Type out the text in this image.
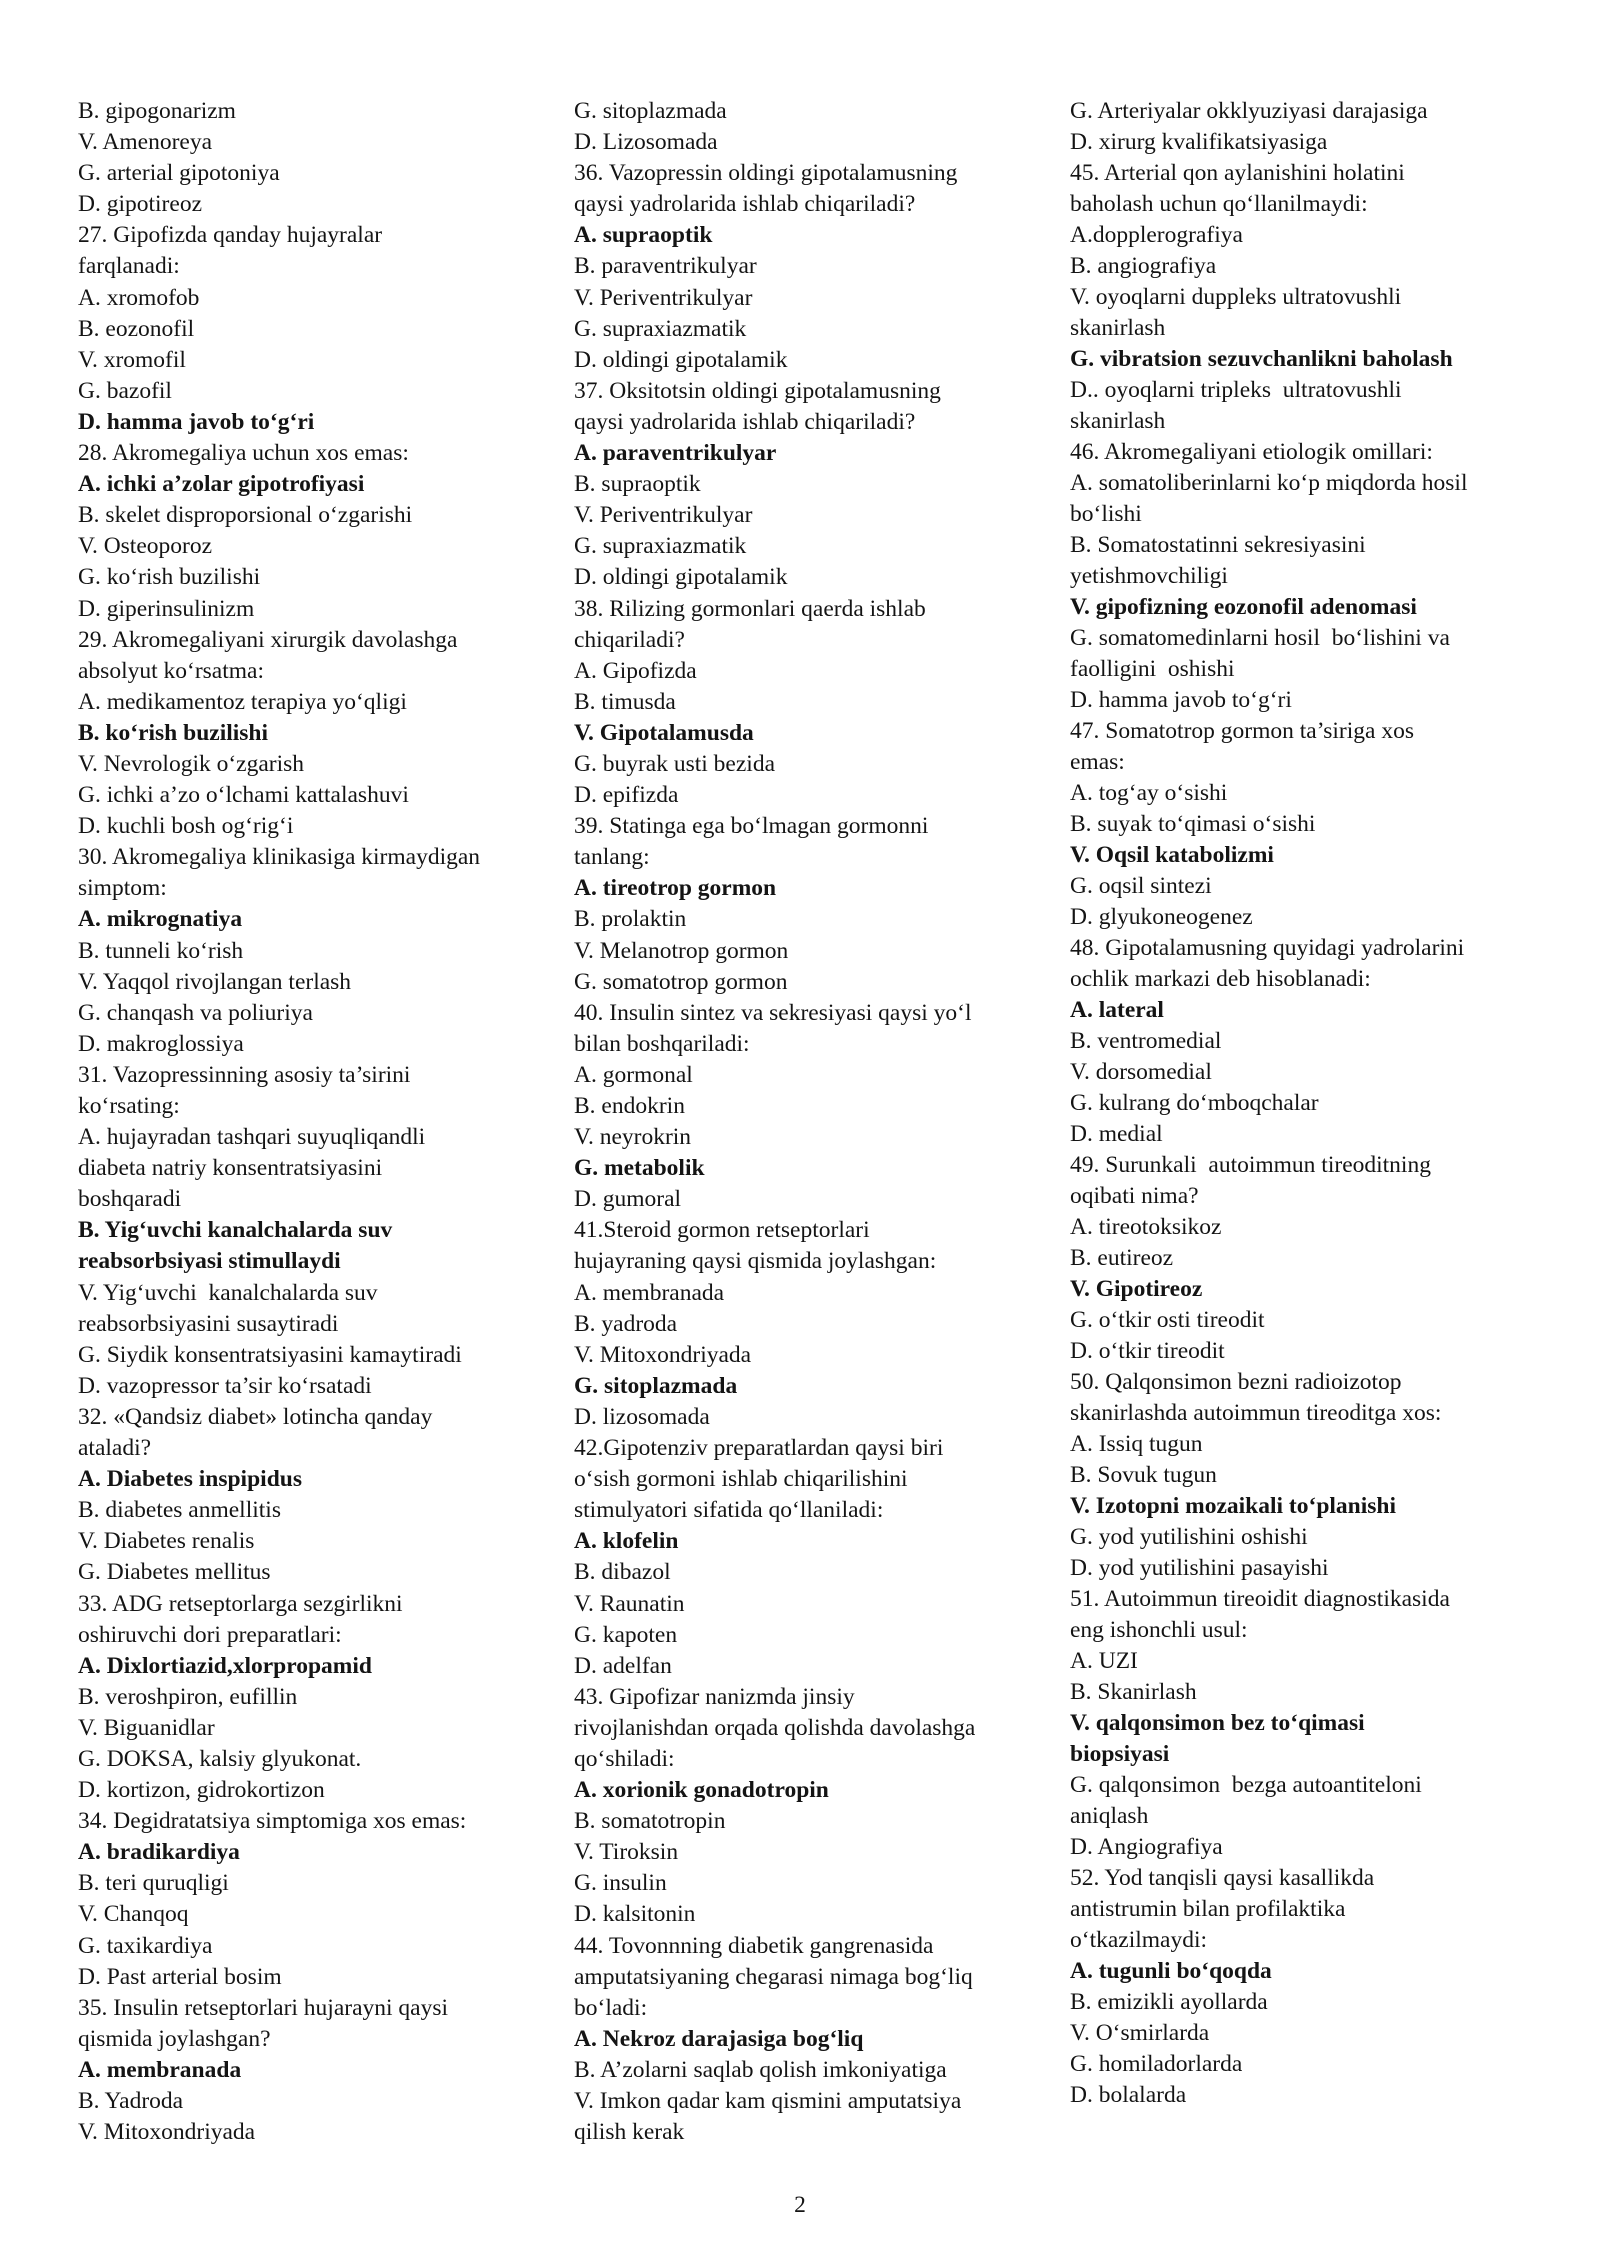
B. gipogonarizm
V. Amenoreya
G. arterial gipotoniya
D. gipotireoz
27. Gipofizda qanday hujayralar
farqlanadi:
A. xromofob
B. eozonofil
V. xromofil
G. bazofil
D. hamma javob to‘g‘ri
28. Akromegaliya uchun xos emas:
A. ichki a’zolar gipotrofiyasi
B. skelet disproporsional o‘zgarishi
V. Osteoporoz
G. ko‘rish buzilishi
D. giperinsulinizm
29. Akromegaliyani xirurgik davolashga
absolyut ko‘rsatma:
A. medikamentoz terapiya yo‘qligi
B. ko‘rish buzilishi
V. Nevrologik o‘zgarish
G. ichki a’zo o‘lchami kattalashuvi
D. kuchli bosh og‘rig‘i
30. Akromegaliya klinikasiga kirmaydigan
simptom:
A. mikrognatiya
B. tunneli ko‘rish
V. Yaqqol rivojlangan terlash
G. chanqash va poliuriya
D. makroglossiya
31. Vazopressinning asosiy ta’sirini
ko‘rsating:
A. hujayradan tashqari suyuqliqandli
diabeta natriy konsentratsiyasini
boshqaradi
B. Yig‘uvchi kanalchalarda suv
reabsorbsiyasi stimullaydi
V. Yig‘uvchi  kanalchalarda suv
reabsorbsiyasini susaytiradi
G. Siydik konsentratsiyasini kamaytiradi
D. vazopressor ta’sir ko‘rsatadi
32. «Qandsiz diabet» lotincha qanday
ataladi?
A. Diabetes inspipidus
B. diabetes anmellitis
V. Diabetes renalis
G. Diabetes mellitus
33. ADG retseptorlarga sezgirlikni
oshiruvchi dori preparatlari:
A. Dixlortiazid,xlorpropamid
B. veroshpiron, eufillin
V. Biguanidlar
G. DOKSA, kalsiy glyukonat.
D. kortizon, gidrokortizon
34. Degidratatsiya simptomiga xos emas:
A. bradikardiya
B. teri quruqligi
V. Chanqoq
G. taxikardiya
D. Past arterial bosim
35. Insulin retseptorlari hujarayni qaysi
qismida joylashgan?
A. membranada
B. Yadroda
V. Mitoxondriyada
G. sitoplazmada
D. Lizosomada
36. Vazopressin oldingi gipotalamusning
qaysi yadrolarida ishlab chiqariladi?
A. supraoptik
B. paraventrikulyar
V. Periventrikulyar
G. supraxiazmatik
D. oldingi gipotalamik
37. Oksitotsin oldingi gipotalamusning
qaysi yadrolarida ishlab chiqariladi?
A. paraventrikulyar
B. supraoptik
V. Periventrikulyar
G. supraxiazmatik
D. oldingi gipotalamik
38. Rilizing gormonlari qaerda ishlab
chiqariladi?
A. Gipofizda
B. timusda
V. Gipotalamusda
G. buyrak usti bezida
D. epifizda
39. Statinga ega bo‘lmagan gormonni
tanlang:
A. tireotrop gormon
B. prolaktin
V. Melanotrop gormon
G. somatotrop gormon
40. Insulin sintez va sekresiyasi qaysi yo‘l
bilan boshqariladi:
A. gormonal
B. endokrin
V. neyrokrin
G. metabolik
D. gumoral
41.Steroid gormon retseptorlari
hujayraning qaysi qismida joylashgan:
A. membranada
B. yadroda
V. Mitoxondriyada
G. sitoplazmada
D. lizosomada
42.Gipotenziv preparatlardan qaysi biri
o‘sish gormoni ishlab chiqarilishini
stimulyatori sifatida qo‘llaniladi:
A. klofelin
B. dibazol
V. Raunatin
G. kapoten
D. adelfan
43. Gipofizar nanizmda jinsiy
rivojlanishdan orqada qolishda davolashga
qo‘shiladi:
A. xorionik gonadotropin
B. somatotropin
V. Tiroksin
G. insulin
D. kalsitonin
44. Tovonnning diabetik gangrenasida
amputatsiyaning chegarasi nimaga bog‘liq
bo‘ladi:
A. Nekroz darajasiga bog‘liq
B. A’zolarni saqlab qolish imkoniyatiga
V. Imkon qadar kam qismini amputatsiya
qilish kerak
G. Arteriyalar okklyuziyasi darajasiga
D. xirurg kvalifikatsiyasiga
45. Arterial qon aylanishini holatini
baholash uchun qo‘llanilmaydi:
A.dopplerografiya
B. angiografiya
V. oyoqlarni duppleks ultratovushli
skanirlash
G. vibratsion sezuvchanlikni baholash
D.. oyoqlarni tripleks  ultratovushli
skanirlash
46. Akromegaliyani etiologik omillari:
A. somatoliberinlarni ko‘p miqdorda hosil
bo‘lishi
B. Somatostatinni sekresiyasini
yetishmovchiligi
V. gipofizning eozonofil adenomasi
G. somatomedinlarni hosil  bo‘lishini va
faolligini  oshishi
D. hamma javob to‘g‘ri
47. Somatotrop gormon ta’siriga xos
emas:
A. tog‘ay o‘sishi
B. suyak to‘qimasi o‘sishi
V. Oqsil katabolizmi
G. oqsil sintezi
D. glyukoneogenez
48. Gipotalamusning quyidagi yadrolarini
ochlik markazi deb hisoblanadi:
A. lateral
B. ventromedial
V. dorsomedial
G. kulrang do‘mboqchalar
D. medial
49. Surunkali  autoimmun tireoditning
oqibati nima?
A. tireotoksikoz
B. eutireoz
V. Gipotireoz
G. o‘tkir osti tireodit
D. o‘tkir tireodit
50. Qalqonsimon bezni radioizotop
skanirlashda autoimmun tireoditga xos:
A. Issiq tugun
B. Sovuk tugun
V. Izotopni mozaikali to‘planishi
G. yod yutilishini oshishi
D. yod yutilishini pasayishi
51. Autoimmun tireoidit diagnostikasida
eng ishonchli usul:
A. UZI
B. Skanirlash
V. qalqonsimon bez to‘qimasi
biopsiyasi
G. qalqonsimon  bezga autoantiteloni
aniqlash
D. Angiografiya
52. Yod tanqisli qaysi kasallikda
antistrumin bilan profilaktika
o‘tkazilmaydi:
A. tugunli bo‘qoqda
B. emizikli ayollarda
V. O‘smirlarda
G. homiladorlarda
D. bolalarda
2
